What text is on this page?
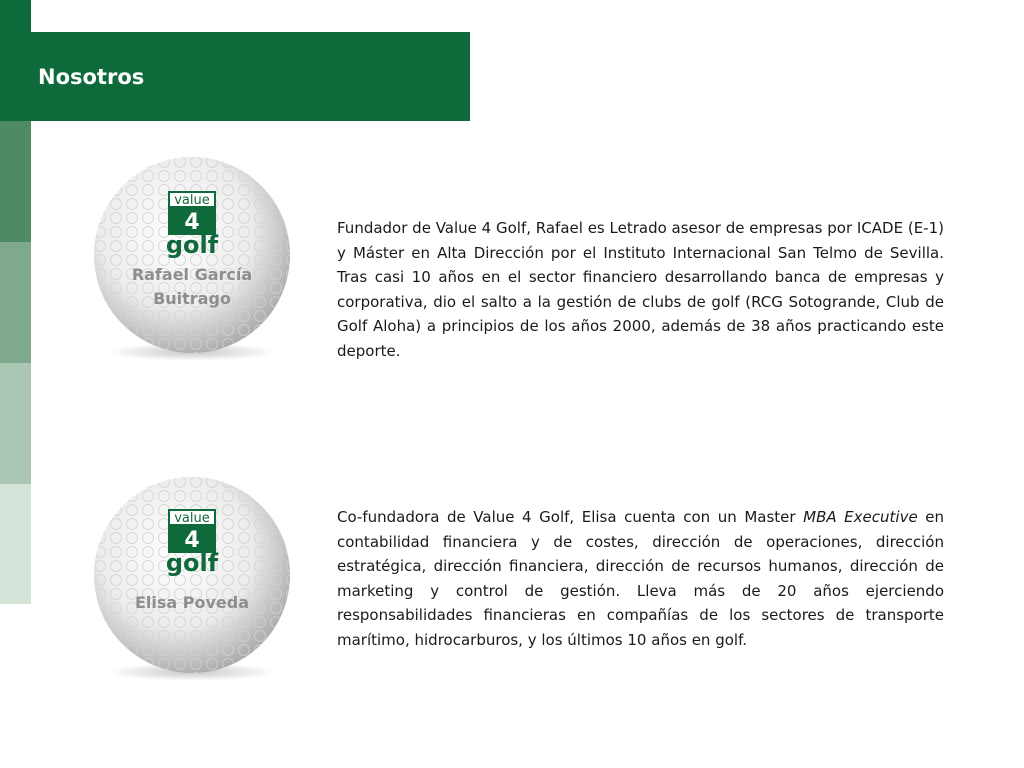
Nosotros
value
4
golf
Rafael García
Buitrago

Fundador de Value 4 Golf, Rafael es Letrado asesor de empresas por ICADE (E-1) y Máster en Alta Dirección por el Instituto Internacional San Telmo de Sevilla. Tras casi 10 años en el sector financiero desarrollando banca de empresas y corporativa, dio el salto a la gestión de clubs de golf (RCG Sotogrande, Club de Golf Aloha) a principios de los años 2000, además de 38 años practicando este deporte.

value
4
golf
Elisa Poveda

Co-fundadora de Value 4 Golf, Elisa cuenta con un Master MBA Executive en contabilidad financiera y de costes, dirección de operaciones, dirección estratégica, dirección financiera, dirección de recursos humanos, dirección de marketing y control de gestión. Lleva más de 20 años ejerciendo responsabilidades financieras en compañías de los sectores de transporte marítimo, hidrocarburos, y los últimos 10 años en golf.
